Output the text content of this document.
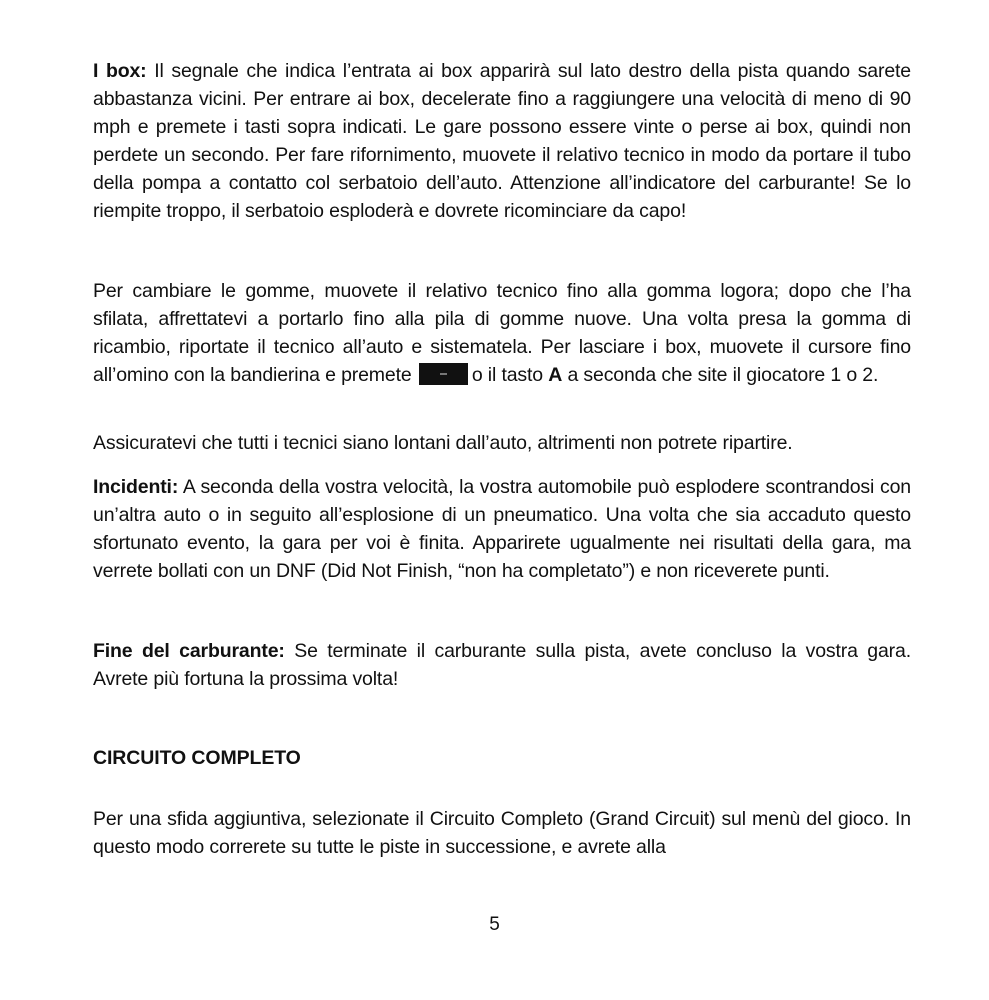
I box: Il segnale che indica l’entrata ai box apparirà sul lato destro della pista quando sarete abbastanza vicini. Per entrare ai box, decelerate fino a raggiungere una velocità di meno di 90 mph e premete i tasti sopra indicati. Le gare possono essere vinte o perse ai box, quindi non perdete un secondo. Per fare rifornimento, muovete il relativo tecnico in modo da portare il tubo della pompa a contatto col serbatoio dell’auto. Attenzione all’indicatore del carburante! Se lo riempite troppo, il serbatoio esploderà e dovrete ricominciare da capo!

Per cambiare le gomme, muovete il relativo tecnico fino alla gomma logora; dopo che l’ha sfilata, affrettatevi a portarlo fino alla pila di gomme nuove. Una volta presa la gomma di ricambio, riportate il tecnico all’auto e sistematela. Per lasciare i box, muovete il cursore fino all’omino con la bandierina e premete	o il tasto A a seconda che site il giocatore 1 o 2.

Assicuratevi che tutti i tecnici siano lontani dall’auto, altrimenti non potrete ripartire.

Incidenti: A seconda della vostra velocità, la vostra automobile può esplodere scontrandosi con un’altra auto o in seguito all’esplosione di un pneumatico. Una volta che sia accaduto questo sfortunato evento, la gara per voi è finita. Apparirete ugualmente nei risultati della gara, ma verrete bollati con un DNF (Did Not Finish, “non ha completato”) e non riceverete punti.

Fine del carburante: Se terminate il carburante sulla pista, avete concluso la vostra gara. Avrete più fortuna la prossima volta!

CIRCUITO COMPLETO

Per una sfida aggiuntiva, selezionate il Circuito Completo (Grand Circuit) sul menù del gioco. In questo modo correrete su tutte le piste in successione, e avrete alla

5
